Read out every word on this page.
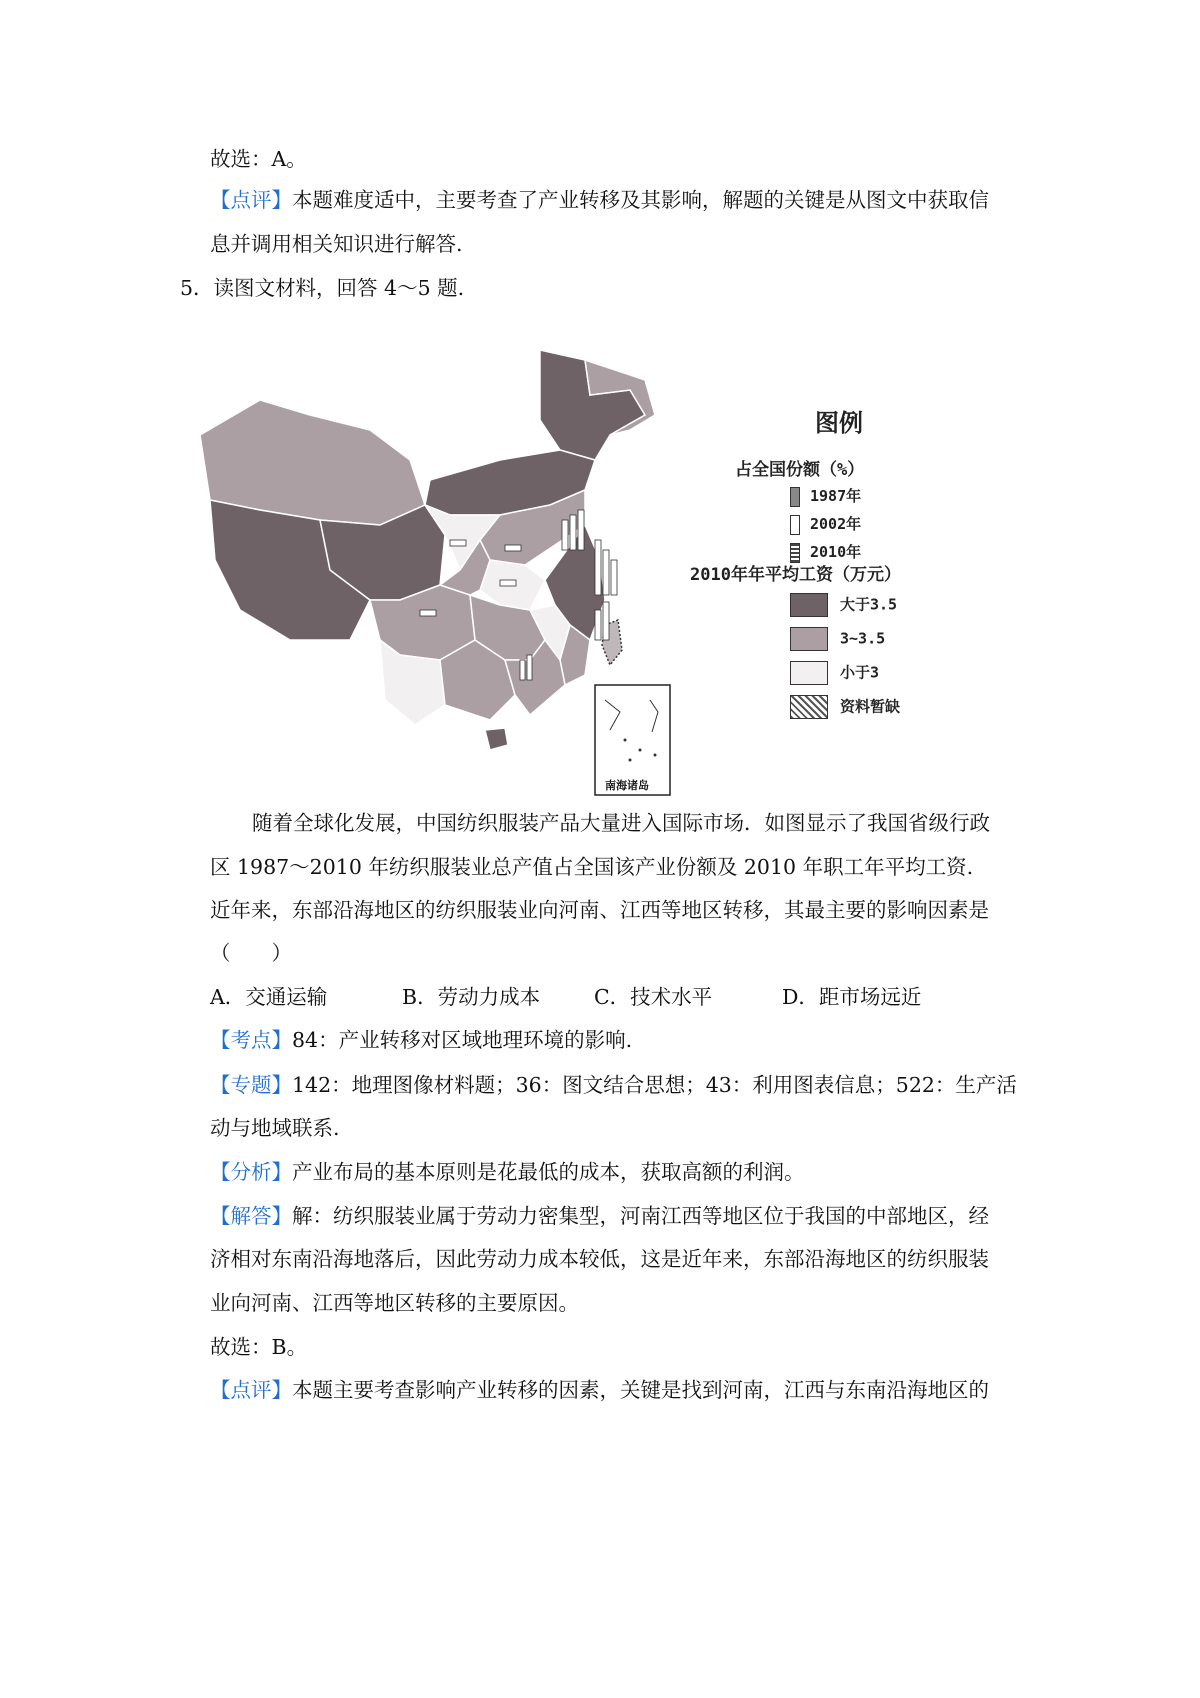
故选：A。
【点评】本题难度适中，主要考查了产业转移及其影响，解题的关键是从图文中获取信
息并调用相关知识进行解答.
5．读图文材料，回答 4～5 题.
南海诸岛
图例
占全国份额（%）
1987年
2002年
2010年
2010年年平均工资（万元）
大于3.5
3~3.5
小于3
资料暂缺
随着全球化发展，中国纺织服装产品大量进入国际市场．如图显示了我国省级行政
区 1987～2010 年纺织服装业总产值占全国该产业份额及 2010 年职工年平均工资.
近年来，东部沿海地区的纺织服装业向河南、江西等地区转移，其最主要的影响因素是
（　　）
A．交通运输	B．劳动力成本	C．技术水平	D．距市场远近
【考点】84：产业转移对区域地理环境的影响.
【专题】142：地理图像材料题；36：图文结合思想；43：利用图表信息；522：生产活
动与地域联系.
【分析】产业布局的基本原则是花最低的成本，获取高额的利润。
【解答】解：纺织服装业属于劳动力密集型，河南江西等地区位于我国的中部地区，经
济相对东南沿海地落后，因此劳动力成本较低，这是近年来，东部沿海地区的纺织服装
业向河南、江西等地区转移的主要原因。
故选：B。
【点评】本题主要考查影响产业转移的因素，关键是找到河南，江西与东南沿海地区的
